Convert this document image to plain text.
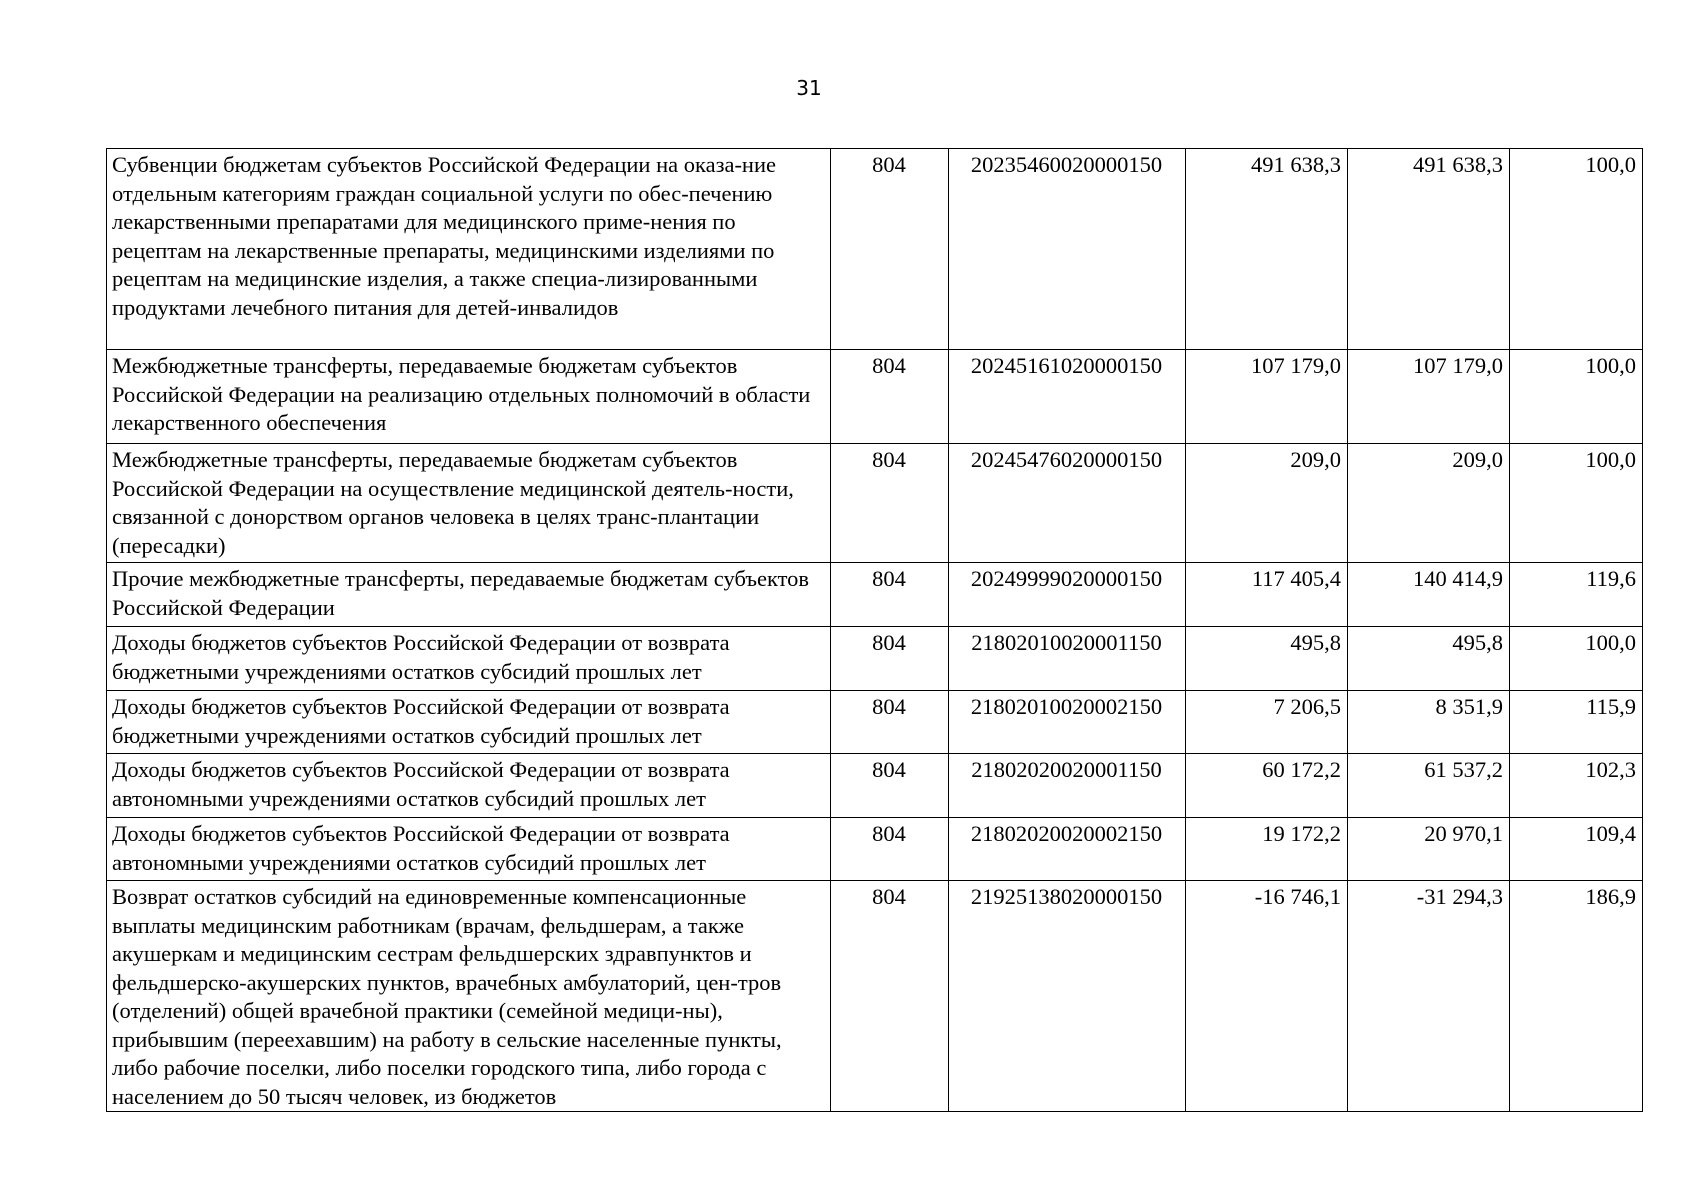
31
Субвенции бюджетам субъектов Российской Федерации на оказа-ние отдельным категориям граждан социальной услуги по обес-печению лекарственными препаратами для медицинского приме-нения по рецептам на лекарственные препараты, медицинскими изделиями по рецептам на медицинские изделия, а также специа-лизированными продуктами лечебного питания для детей-инвалидов	804	20235460020000150	491 638,3	491 638,3	100,0
Межбюджетные трансферты, передаваемые бюджетам субъектов Российской Федерации на реализацию отдельных полномочий в области лекарственного обеспечения	804	20245161020000150	107 179,0	107 179,0	100,0
Межбюджетные трансферты, передаваемые бюджетам субъектов Российской Федерации на осуществление медицинской деятель-ности, связанной с донорством органов человека в целях транс-плантации (пересадки)	804	20245476020000150	209,0	209,0	100,0
Прочие межбюджетные трансферты, передаваемые бюджетам субъектов Российской Федерации	804	20249999020000150	117 405,4	140 414,9	119,6
Доходы бюджетов субъектов Российской Федерации от возврата бюджетными учреждениями остатков субсидий прошлых лет	804	21802010020001150	495,8	495,8	100,0
Доходы бюджетов субъектов Российской Федерации от возврата бюджетными учреждениями остатков субсидий прошлых лет	804	21802010020002150	7 206,5	8 351,9	115,9
Доходы бюджетов субъектов Российской Федерации от возврата автономными учреждениями остатков субсидий прошлых лет	804	21802020020001150	60 172,2	61 537,2	102,3
Доходы бюджетов субъектов Российской Федерации от возврата автономными учреждениями остатков субсидий прошлых лет	804	21802020020002150	19 172,2	20 970,1	109,4
Возврат остатков субсидий на единовременные компенсационные выплаты медицинским работникам (врачам, фельдшерам, а также акушеркам и медицинским сестрам фельдшерских здравпунктов и фельдшерско-акушерских пунктов, врачебных амбулаторий, цен-тров (отделений) общей врачебной практики (семейной медици-ны), прибывшим (переехавшим) на работу в сельские населенные пункты, либо рабочие поселки, либо поселки городского типа, либо города с населением до 50 тысяч человек, из бюджетов	804	21925138020000150	-16 746,1	-31 294,3	186,9
